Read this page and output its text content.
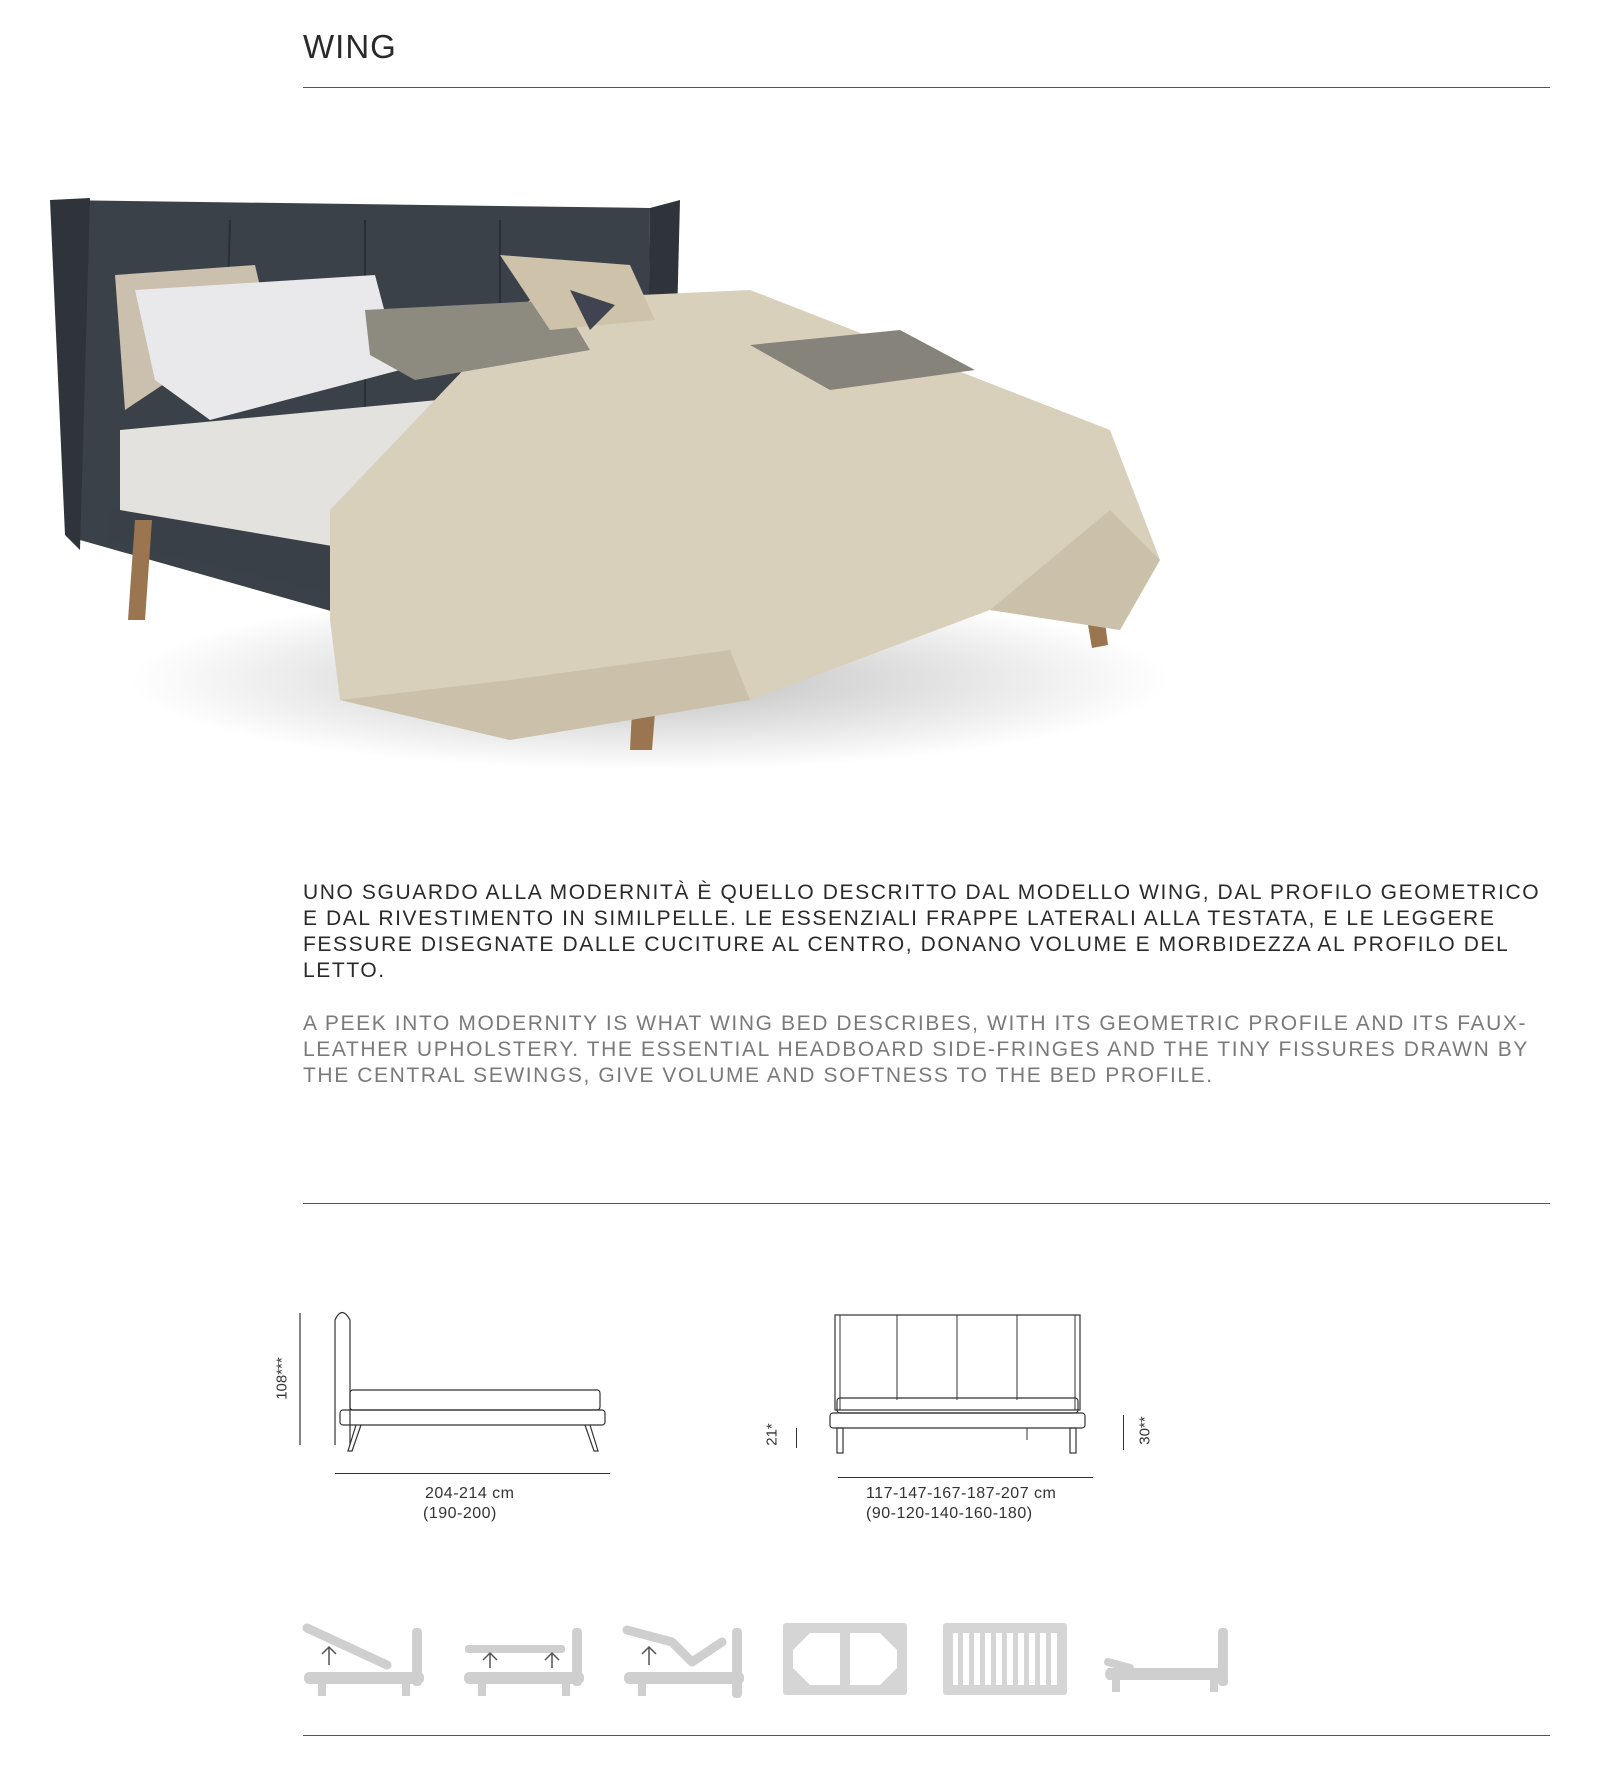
WING

UNO SGUARDO ALLA MODERNITÀ È QUELLO DESCRITTO DAL MODELLO WING, DAL PROFILO GEOMETRICO E DAL RIVESTIMENTO IN SIMILPELLE. LE ESSENZIALI FRAPPE LATERALI ALLA TESTATA, E LE LEGGERE FESSURE DISEGNATE DALLE CUCITURE AL CENTRO, DONANO VOLUME E MORBIDEZZA AL PROFILO DEL LETTO.

A PEEK INTO MODERNITY IS WHAT WING BED DESCRIBES, WITH ITS GEOMETRIC PROFILE AND ITS FAUX-LEATHER UPHOLSTERY. THE ESSENTIAL HEADBOARD SIDE-FRINGES AND THE TINY FISSURES DRAWN BY THE CENTRAL SEWINGS, GIVE VOLUME AND SOFTNESS TO THE BED PROFILE.

108***
204-214 cm
(190-200)
21*	30**
117-147-167-187-207 cm
(90-120-140-160-180)
